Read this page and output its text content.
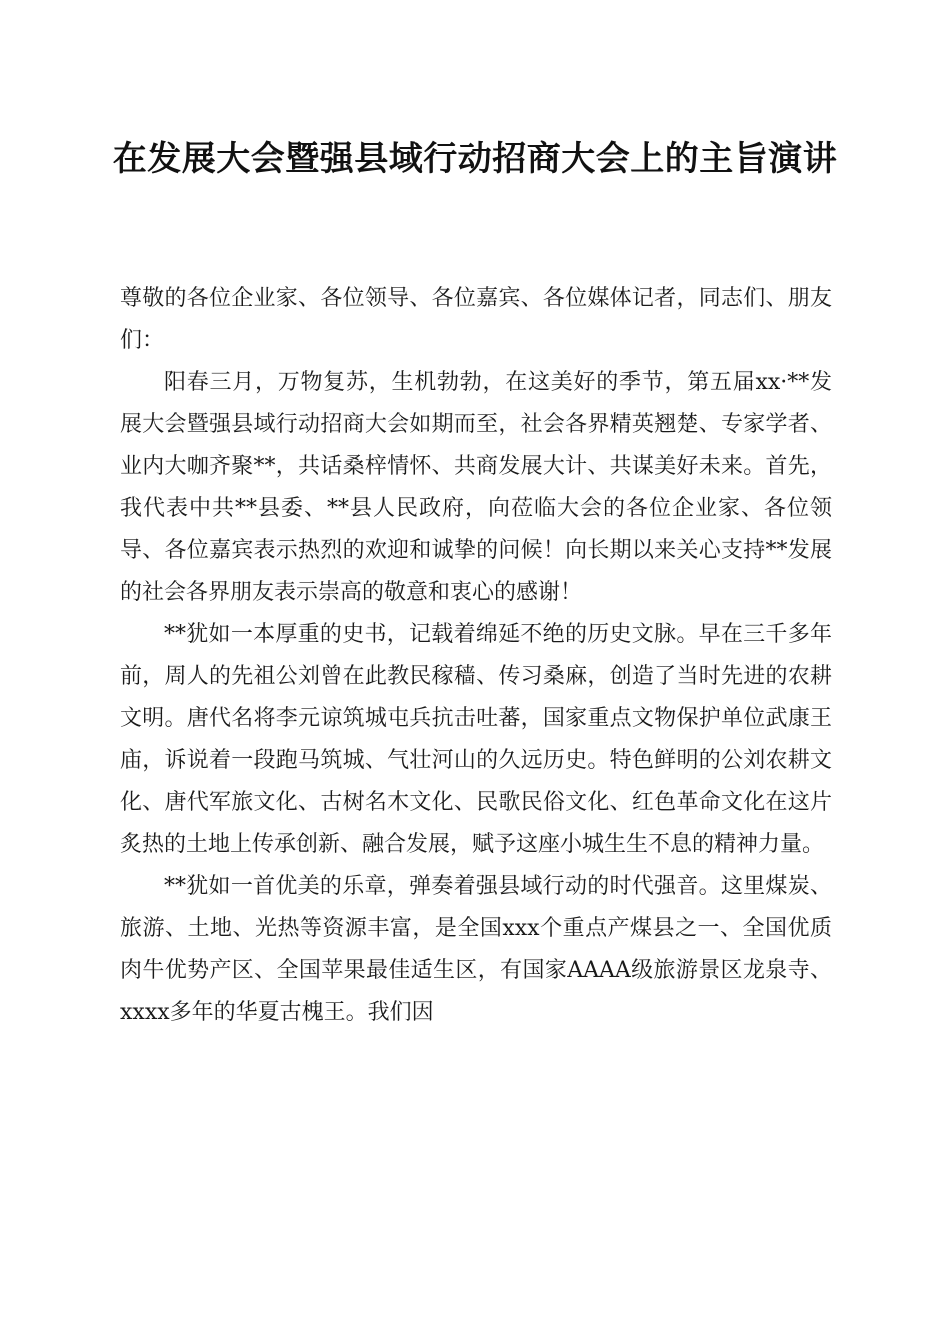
在发展大会暨强县域行动招商大会上的主旨演讲

尊敬的各位企业家、各位领导、各位嘉宾、各位媒体记者，同志们、朋友们：

阳春三月，万物复苏，生机勃勃，在这美好的季节，第五届xx·**发展大会暨强县域行动招商大会如期而至，社会各界精英翘楚、专家学者、业内大咖齐聚**，共话桑梓情怀、共商发展大计、共谋美好未来。首先，我代表中共**县委、**县人民政府，向莅临大会的各位企业家、各位领导、各位嘉宾表示热烈的欢迎和诚挚的问候！向长期以来关心支持**发展的社会各界朋友表示崇高的敬意和衷心的感谢！

**犹如一本厚重的史书，记载着绵延不绝的历史文脉。早在三千多年前，周人的先祖公刘曾在此教民稼穑、传习桑麻，创造了当时先进的农耕文明。唐代名将李元谅筑城屯兵抗击吐蕃，国家重点文物保护单位武康王庙，诉说着一段跑马筑城、气壮河山的久远历史。特色鲜明的公刘农耕文化、唐代军旅文化、古树名木文化、民歌民俗文化、红色革命文化在这片炙热的土地上传承创新、融合发展，赋予这座小城生生不息的精神力量。

**犹如一首优美的乐章，弹奏着强县域行动的时代强音。这里煤炭、旅游、土地、光热等资源丰富，是全国xxx个重点产煤县之一、全国优质肉牛优势产区、全国苹果最佳适生区，有国家AAAA级旅游景区龙泉寺、xxxx多年的华夏古槐王。我们因
